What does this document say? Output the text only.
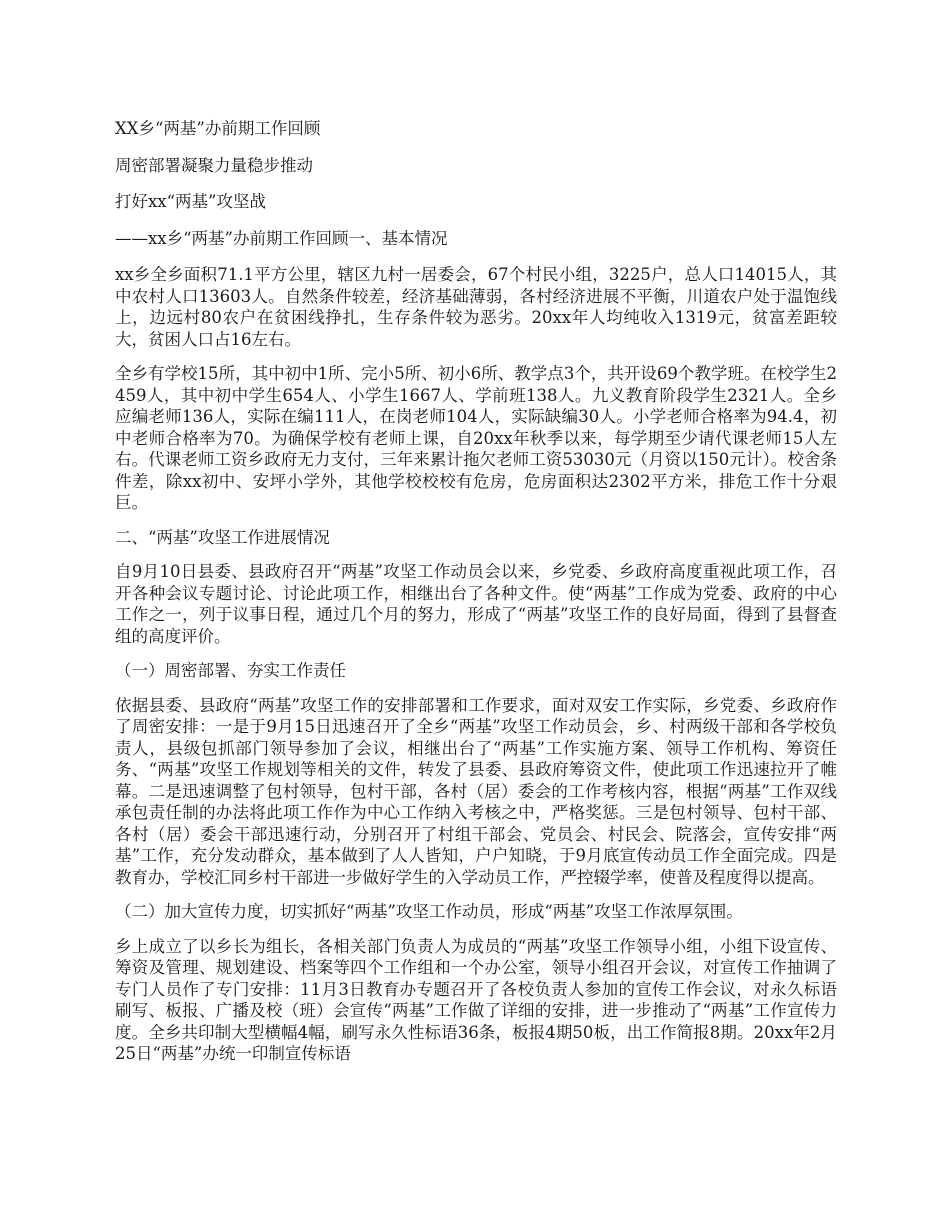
XX乡“两基”办前期工作回顾

周密部署凝聚力量稳步推动

打好xx“两基”攻坚战

——xx乡“两基”办前期工作回顾一、基本情况

xx乡全乡面积71.1平方公里，辖区九村一居委会，67个村民小组，3225户，总人口14015人，其中农村人口13603人。自然条件较差，经济基础薄弱，各村经济进展不平衡，川道农户处于温饱线上，边远村80农户在贫困线挣扎，生存条件较为恶劣。20xx年人均纯收入1319元，贫富差距较大，贫困人口占16左右。

全乡有学校15所，其中初中1所、完小5所、初小6所、教学点3个，共开设69个教学班。在校学生2459人，其中初中学生654人、小学生1667人、学前班138人。九义教育阶段学生2321人。全乡应编老师136人，实际在编111人，在岗老师104人，实际缺编30人。小学老师合格率为94.4，初中老师合格率为70。为确保学校有老师上课，自20xx年秋季以来，每学期至少请代课老师15人左右。代课老师工资乡政府无力支付，三年来累计拖欠老师工资53030元（月资以150元计）。校舍条件差，除xx初中、安坪小学外，其他学校校校有危房，危房面积达2302平方米，排危工作十分艰巨。

二、“两基”攻坚工作进展情况

自9月10日县委、县政府召开“两基”攻坚工作动员会以来，乡党委、乡政府高度重视此项工作，召开各种会议专题讨论、讨论此项工作，相继出台了各种文件。使“两基”工作成为党委、政府的中心工作之一，列于议事日程，通过几个月的努力，形成了“两基”攻坚工作的良好局面，得到了县督查组的高度评价。

（一）周密部署、夯实工作责任

依据县委、县政府“两基”攻坚工作的安排部署和工作要求，面对双安工作实际，乡党委、乡政府作了周密安排：一是于9月15日迅速召开了全乡“两基”攻坚工作动员会，乡、村两级干部和各学校负责人，县级包抓部门领导参加了会议，相继出台了“两基”工作实施方案、领导工作机构、筹资任务、“两基”攻坚工作规划等相关的文件，转发了县委、县政府筹资文件，使此项工作迅速拉开了帷幕。二是迅速调整了包村领导，包村干部，各村（居）委会的工作考核内容，根据“两基”工作双线承包责任制的办法将此项工作作为中心工作纳入考核之中，严格奖惩。三是包村领导、包村干部、各村（居）委会干部迅速行动，分别召开了村组干部会、党员会、村民会、院落会，宣传安排“两基”工作，充分发动群众，基本做到了人人皆知，户户知晓，于9月底宣传动员工作全面完成。四是教育办，学校汇同乡村干部进一步做好学生的入学动员工作，严控辍学率，使普及程度得以提高。

（二）加大宣传力度，切实抓好“两基”攻坚工作动员，形成“两基”攻坚工作浓厚氛围。

乡上成立了以乡长为组长，各相关部门负责人为成员的“两基”攻坚工作领导小组，小组下设宣传、筹资及管理、规划建设、档案等四个工作组和一个办公室，领导小组召开会议，对宣传工作抽调了专门人员作了专门安排：11月3日教育办专题召开了各校负责人参加的宣传工作会议，对永久标语刷写、板报、广播及校（班）会宣传“两基”工作做了详细的安排，进一步推动了“两基”工作宣传力度。全乡共印制大型横幅4幅，刷写永久性标语36条，板报4期50板，出工作简报8期。20xx年2月25日“两基”办统一印制宣传标语
